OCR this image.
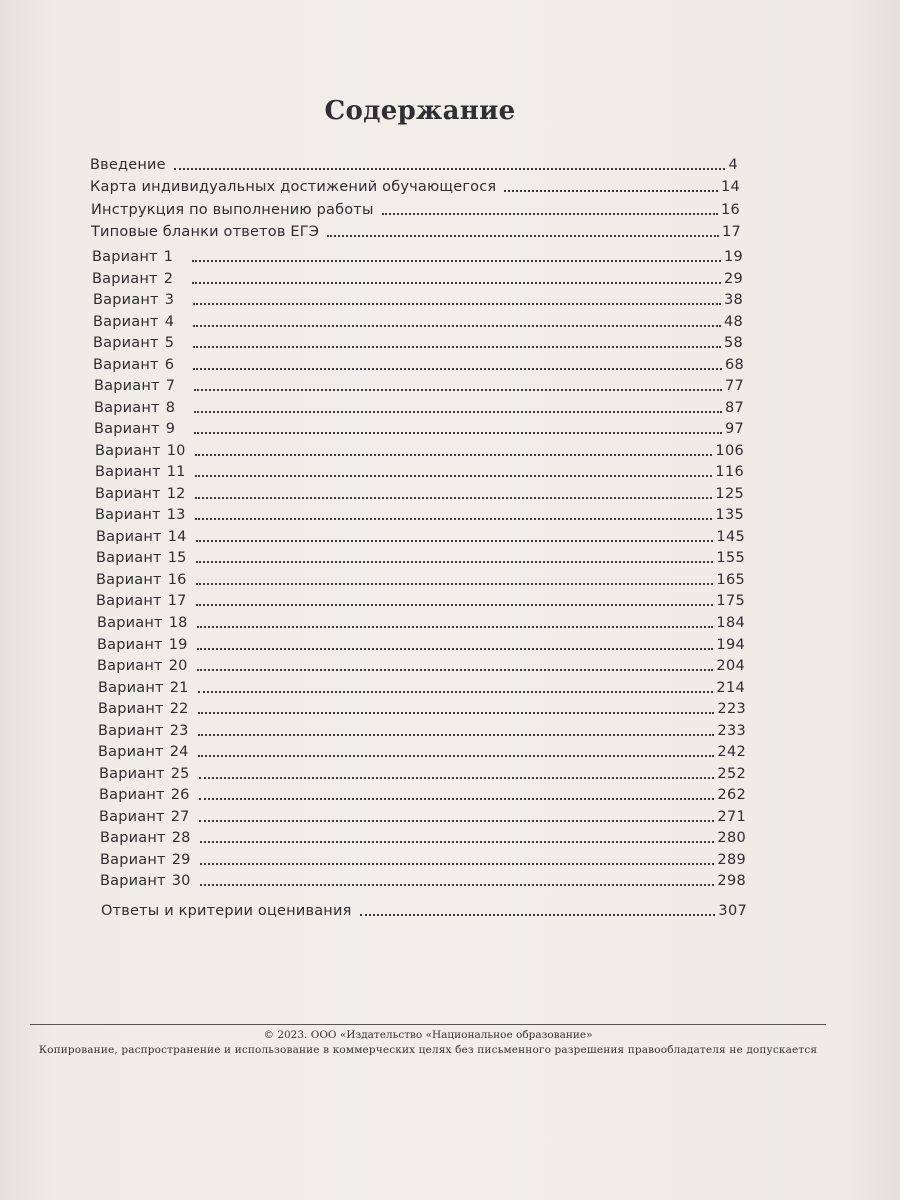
Содержание
Введение	4
Карта индивидуальных достижений обучающегося	14
Инструкция по выполнению работы	16
Типовые бланки ответов ЕГЭ	17
Вариант 1	19
Вариант 2	29
Вариант 3	38
Вариант 4	48
Вариант 5	58
Вариант 6	68
Вариант 7	77
Вариант 8	87
Вариант 9	97
Вариант 10	106
Вариант 11	116
Вариант 12	125
Вариант 13	135
Вариант 14	145
Вариант 15	155
Вариант 16	165
Вариант 17	175
Вариант 18	184
Вариант 19	194
Вариант 20	204
Вариант 21	214
Вариант 22	223
Вариант 23	233
Вариант 24	242
Вариант 25	252
Вариант 26	262
Вариант 27	271
Вариант 28	280
Вариант 29	289
Вариант 30	298
Ответы и критерии оценивания	307
© 2023. ООО «Издательство «Национальное образование»
Копирование, распространение и использование в коммерческих целях без письменного разрешения правообладателя не допускается
